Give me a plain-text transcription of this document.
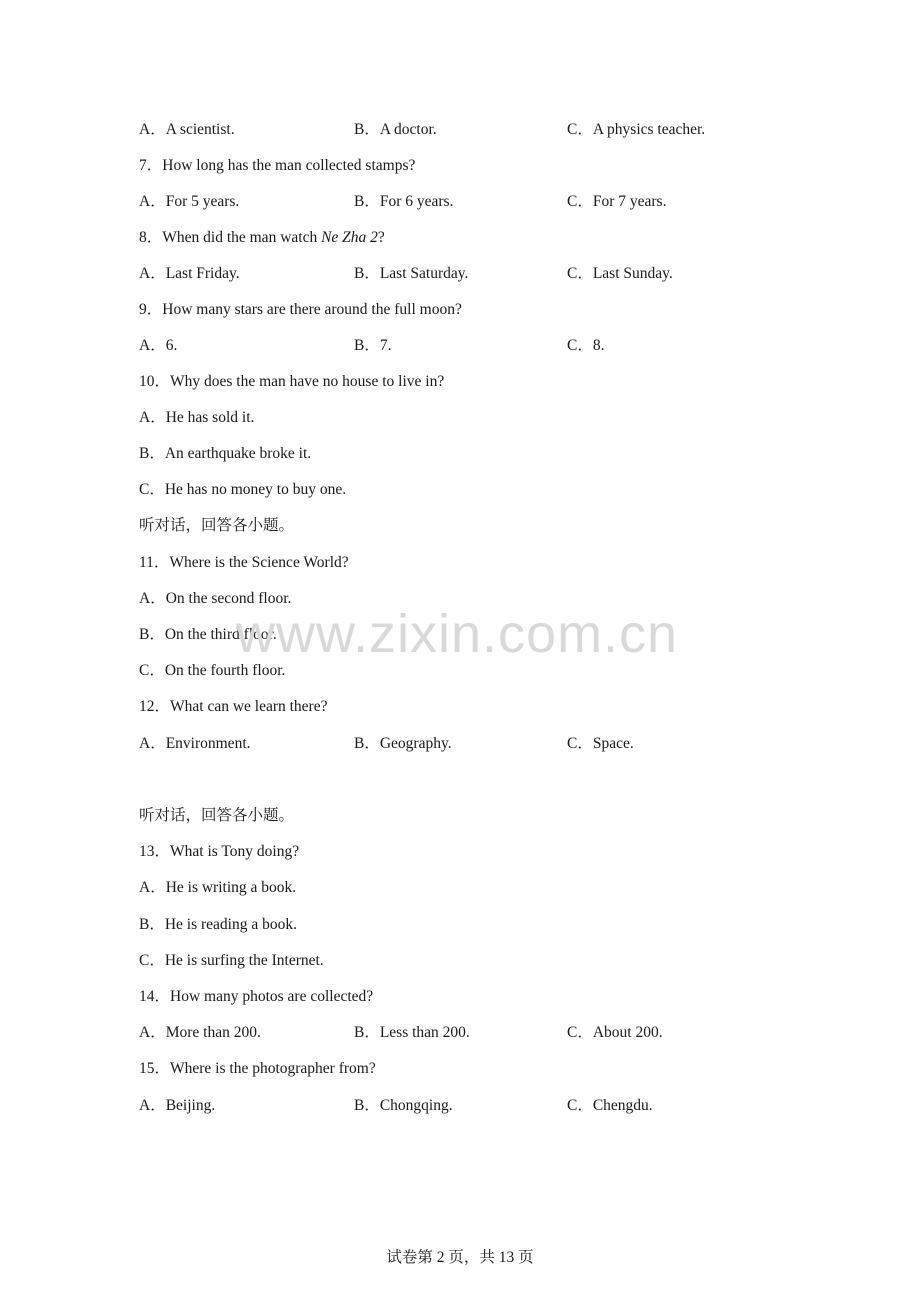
A．A scientist.	B．A doctor.	C．A physics teacher.
7．How long has the man collected stamps?
A．For 5 years.	B．For 6 years.	C．For 7 years.
8．When did the man watch Ne Zha 2?
A．Last Friday.	B．Last Saturday.	C．Last Sunday.
9．How many stars are there around the full moon?
A．6.	B．7.	C．8.
10．Why does the man have no house to live in?
A．He has sold it.
B．An earthquake broke it.
C．He has no money to buy one.
听对话，回答各小题。
11．Where is the Science World?
A．On the second floor.
B．On the third floor.
C．On the fourth floor.
12．What can we learn there?
A．Environment.	B．Geography.	C．Space.
听对话，回答各小题。
13．What is Tony doing?
A．He is writing a book.
B．He is reading a book.
C．He is surfing the Internet.
14．How many photos are collected?
A．More than 200.	B．Less than 200.	C．About 200.
15．Where is the photographer from?
A．Beijing.	B．Chongqing.	C．Chengdu.
www.zixin.com.cn
试卷第 2 页，共 13 页
